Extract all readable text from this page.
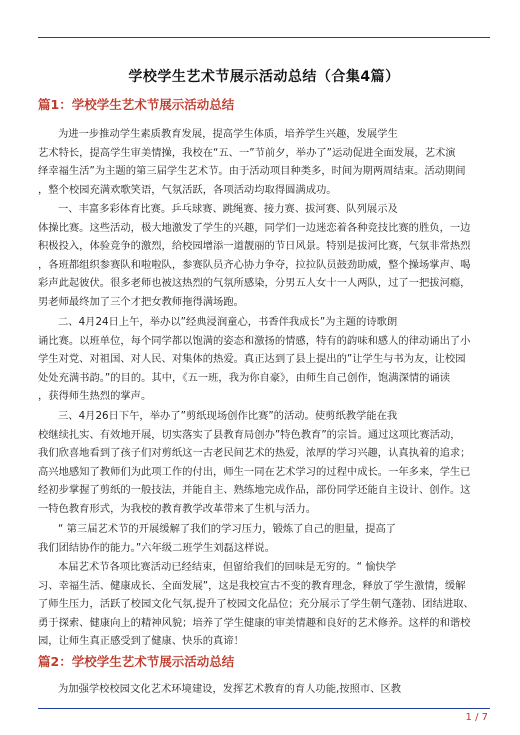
学校学生艺术节展示活动总结（合集4篇）
篇1：学校学生艺术节展示活动总结

为进一步推动学生素质教育发展，提高学生体质，培养学生兴趣，发展学生
艺术特长，提高学生审美情操，我校在“五、一”节前夕，举办了”运动促进全面发展，艺术演
绎幸福生活”为主题的第三届学生艺术节。由于活动项目种类多，时间为期两周结束。活动期间
，整个校园充满欢歌笑语，气氛活跃，各项活动均取得圆满成功。

一、丰富多彩体育比赛。乒乓球赛、跳绳赛、接力赛、拔河赛、队列展示及
体操比赛。这些活动，极大地激发了学生的兴趣，同学们一边迷恋着各种竞技比赛的胜负，一边
积极投入，体验竞争的激烈，给校园增添一道靓丽的节日风景。特别是拔河比赛，气氛非常热烈
，各班都组织参赛队和啦啦队，参赛队员齐心协力争夺，拉拉队员鼓劲助威，整个操场掌声、喝
彩声此起彼伏。很多老师也被这热烈的气氛所感染，分男五人女十一人两队，过了一把拔河瘾，
男老师最终加了三个才把女教师拖得满场跑。

二、4月24日上午，举办以”经典浸润童心，书香伴我成长”为主题的诗歌朗
诵比赛。以班单位，每个同学都以饱满的姿态和激扬的情感，特有的韵味和感人的律动诵出了小
学生对党、对祖国、对人民、对集体的热爱。真正达到了县上提出的”让学生与书为友，让校园
处处充满书韵。”的目的。其中，《五一班，我为你自豪》，由师生自己创作，饱满深情的诵读
，获得师生热烈的掌声。

三、4月26日下午，举办了”剪纸现场创作比赛”的活动。使剪纸教学能在我
校继续扎实、有效地开展，切实落实了县教育局创办”特色教育”的宗旨。通过这项比赛活动，
我们欣喜地看到了孩子们对剪纸这一古老民间艺术的热爱，浓厚的学习兴趣，认真执着的追求；
高兴地感知了教师们为此项工作的付出，师生一同在艺术学习的过程中成长。一年多来，学生已
经初步掌握了剪纸的一般技法，并能自主、熟练地完成作品，部份同学还能自主设计、创作。这
一特色教育形式，为我校的教育教学改革带来了生机与活力。

“ 第三届艺术节的开展缓解了我们的学习压力，锻炼了自己的胆量，提高了
我们团结协作的能力。”六年级二班学生刘磊这样说。

本届艺术节各项比赛活动已经结束，但留给我们的回味是无穷的。“ 愉快学
习、幸福生活、健康成长、全面发展”，这是我校宣古不变的教育理念，释放了学生激情，缓解
了师生压力，活跃了校园文化气氛,提升了校园文化品位；充分展示了学生朝气蓬勃、团结进取、
勇于探索、健康向上的精神风貌；培养了学生健康的审美情趣和良好的艺术修养。这样的和谐校
园，让师生真正感受到了健康、快乐的真谛！

篇2：学校学生艺术节展示活动总结

为加强学校校园文化艺术环境建设，发挥艺术教育的育人功能,按照市、区教

1 / 7
